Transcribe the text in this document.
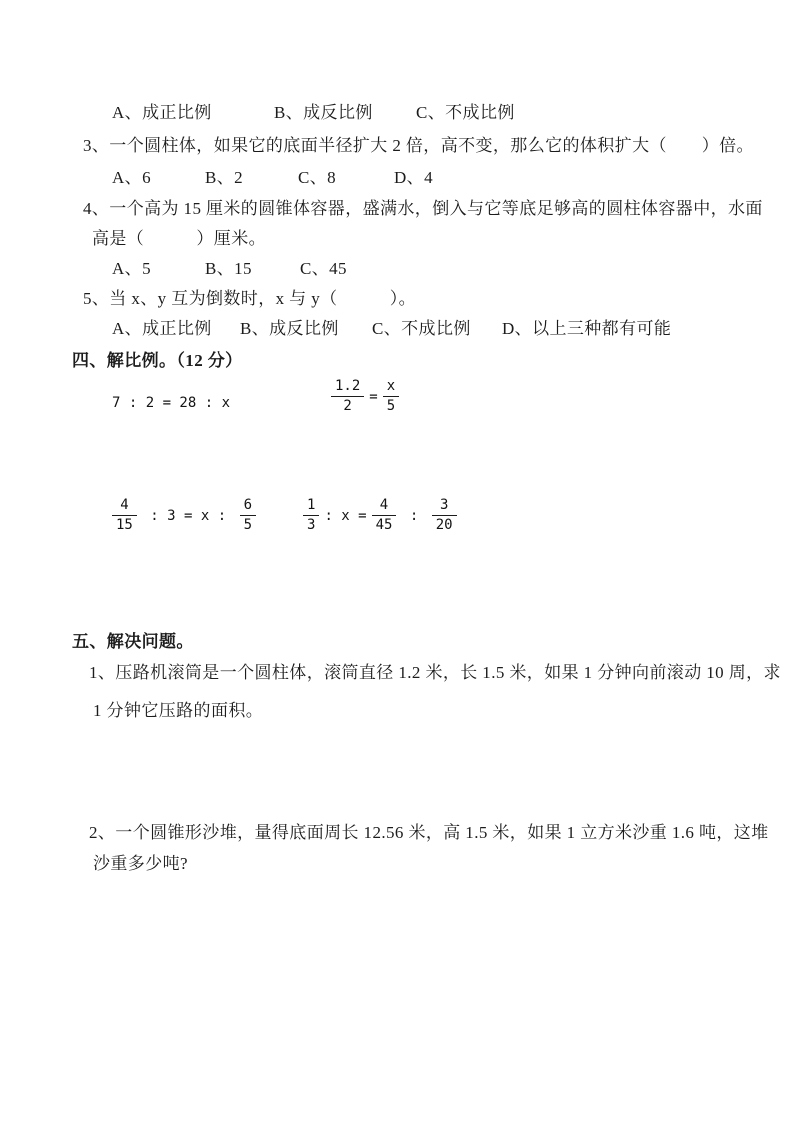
A、成正比例	B、成反比例	C、不成比例
3、一个圆柱体，如果它的底面半径扩大 2 倍，高不变，那么它的体积扩大（　　）倍。
A、6	B、2	C、8	D、4
4、一个高为 15 厘米的圆锥体容器，盛满水，倒入与它等底足够高的圆柱体容器中，水面
高是（　　　）厘米。
A、5	B、15	C、45
5、当 x、y 互为倒数时，x 与 y（　　　）。
A、成正比例 B、成反比例 C、不成比例 D、以上三种都有可能
四、解比例。（12 分）
7 : 2 = 28 : x	$\frac{1.2}{2} = \frac{x}{5}$
$\frac{4}{15}$ : 3 = x : $\frac{6}{5}$	$\frac{1}{3}$ : $x = \frac{4}{45}$ : $\frac{3}{20}$
五、解决问题。
1、压路机滚筒是一个圆柱体，滚筒直径 1.2 米，长 1.5 米，如果 1 分钟向前滚动 10 周，求
1 分钟它压路的面积。
2、一个圆锥形沙堆，量得底面周长 12.56 米，高 1.5 米，如果 1 立方米沙重 1.6 吨，这堆
沙重多少吨?
